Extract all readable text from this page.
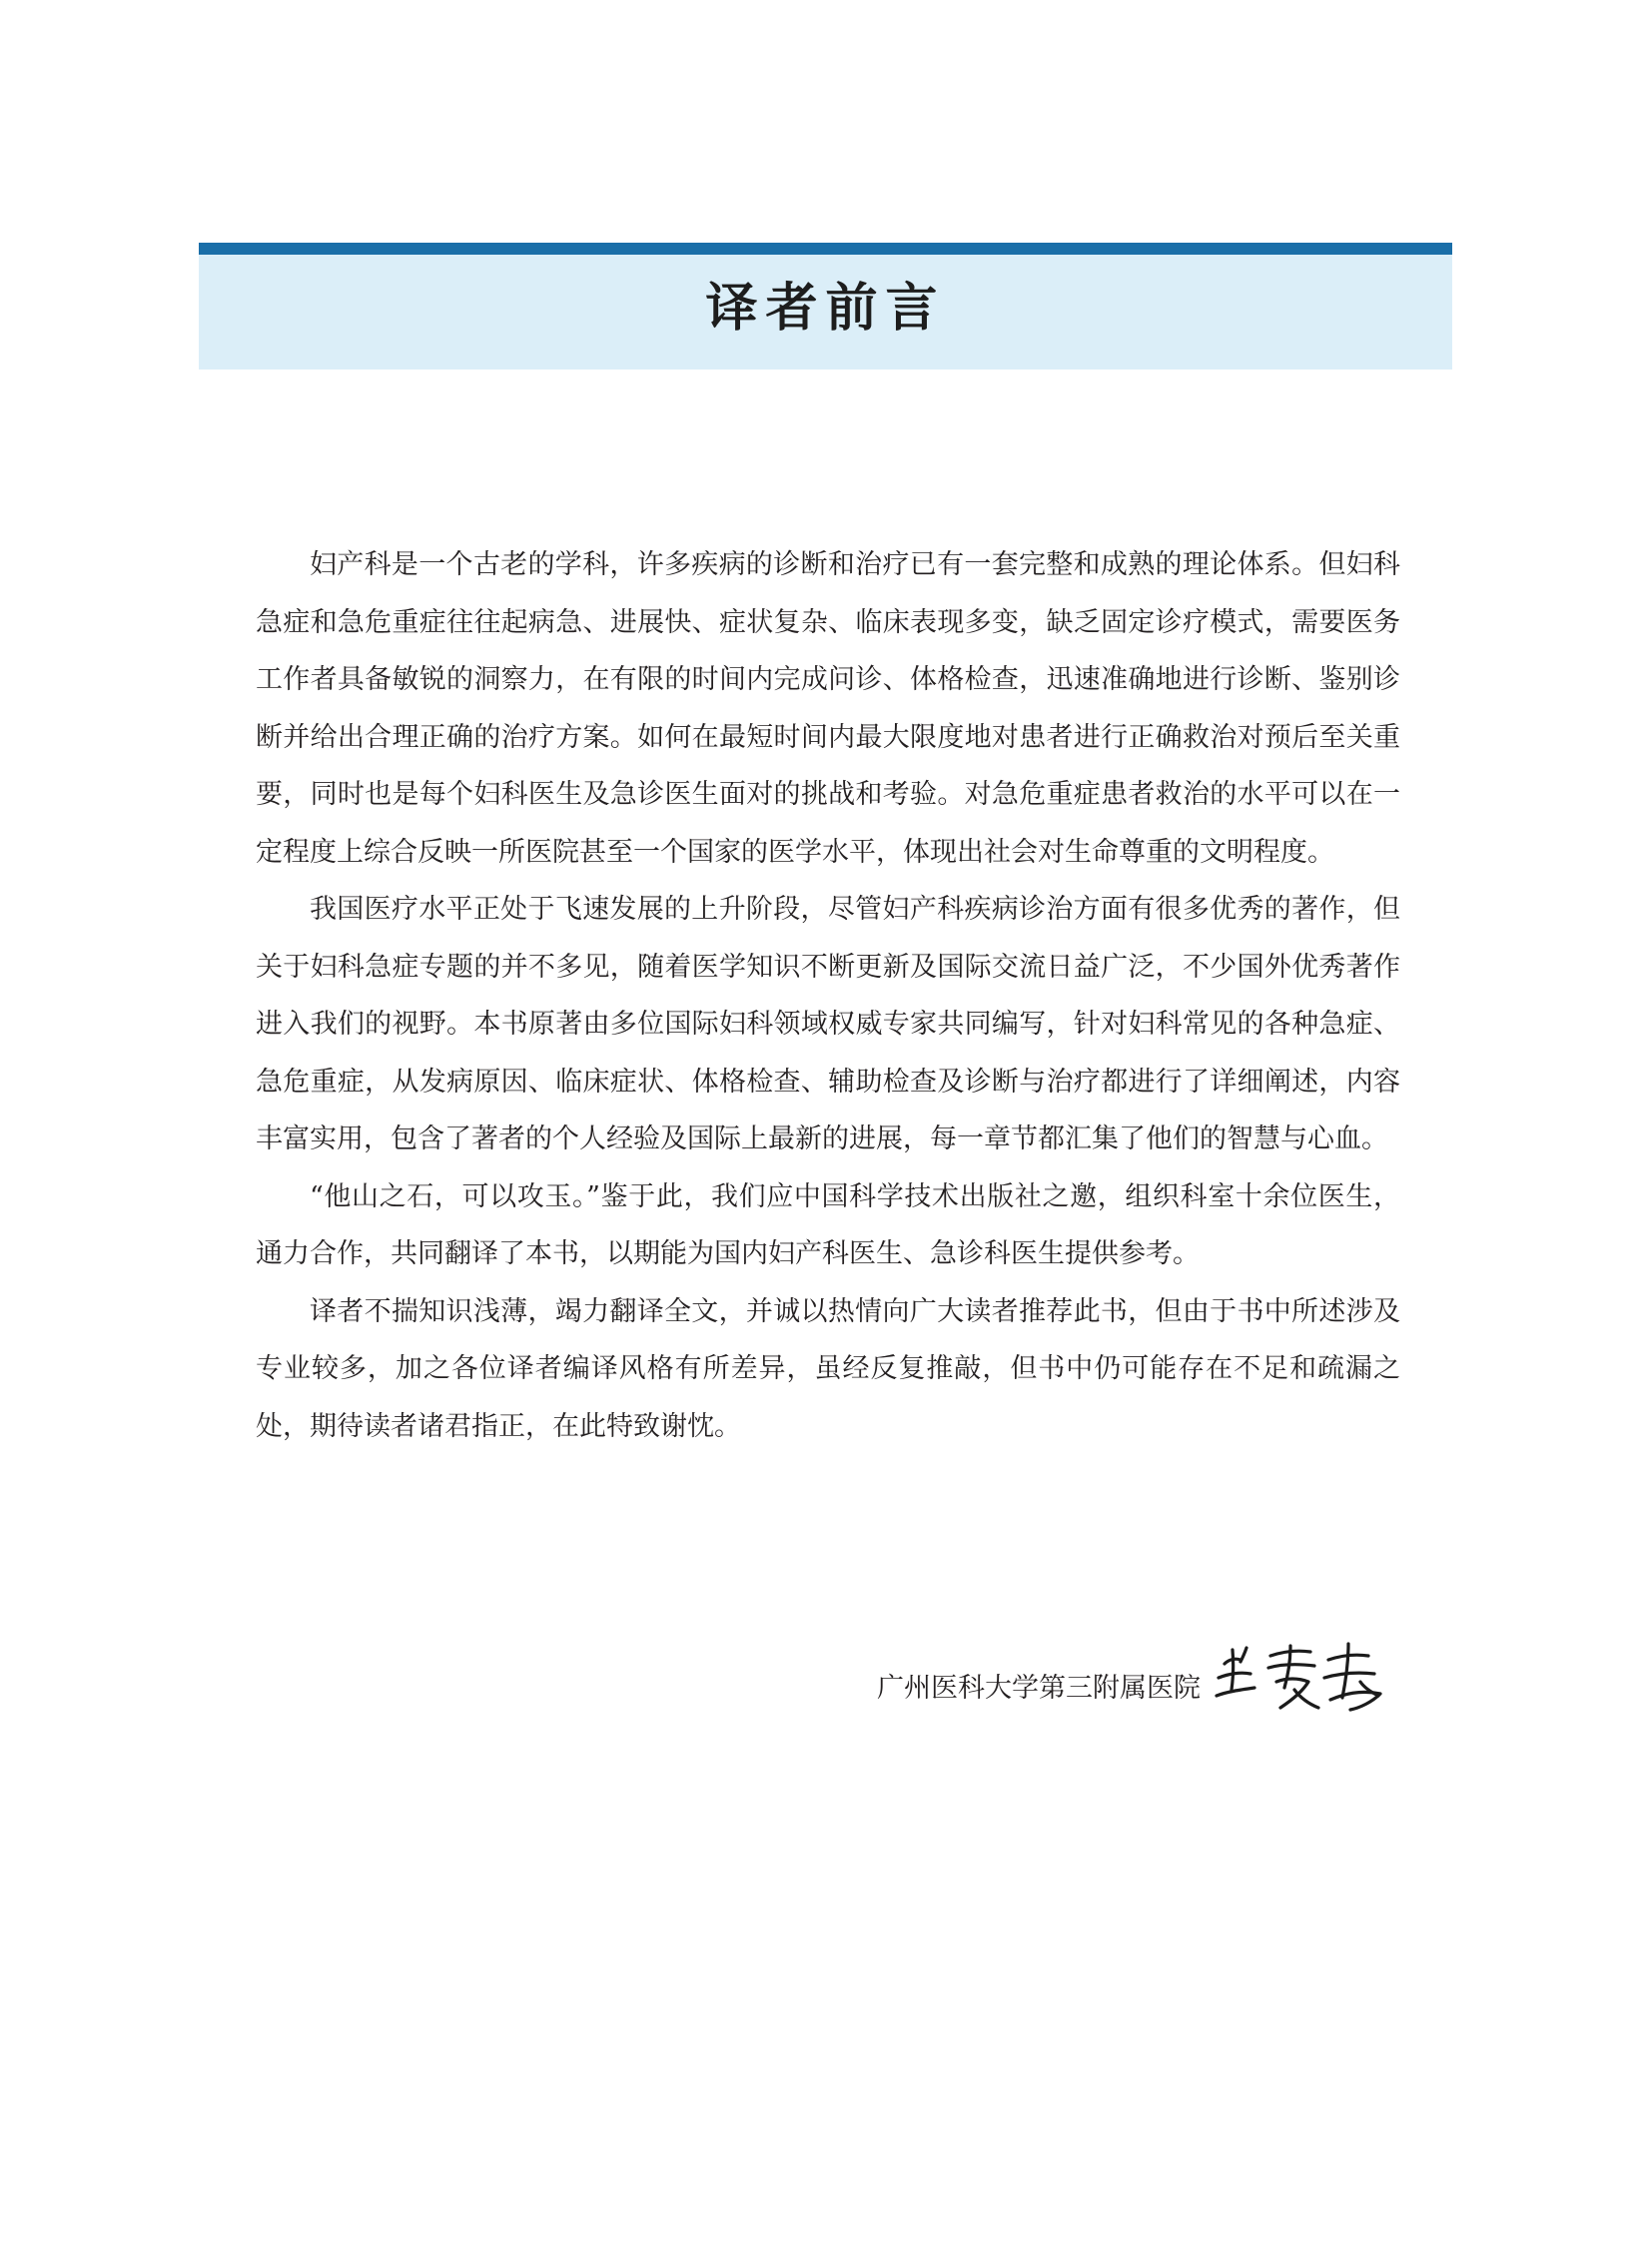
译者前言

妇产科是一个古老的学科，许多疾病的诊断和治疗已有一套完整和成熟的理论体系。但妇科急症和急危重症往往起病急、进展快、症状复杂、临床表现多变，缺乏固定诊疗模式，需要医务工作者具备敏锐的洞察力，在有限的时间内完成问诊、体格检查，迅速准确地进行诊断、鉴别诊断并给出合理正确的治疗方案。如何在最短时间内最大限度地对患者进行正确救治对预后至关重要，同时也是每个妇科医生及急诊医生面对的挑战和考验。对急危重症患者救治的水平可以在一定程度上综合反映一所医院甚至一个国家的医学水平，体现出社会对生命尊重的文明程度。

我国医疗水平正处于飞速发展的上升阶段，尽管妇产科疾病诊治方面有很多优秀的著作，但关于妇科急症专题的并不多见，随着医学知识不断更新及国际交流日益广泛，不少国外优秀著作进入我们的视野。本书原著由多位国际妇科领域权威专家共同编写，针对妇科常见的各种急症、急危重症，从发病原因、临床症状、体格检查、辅助检查及诊断与治疗都进行了详细阐述，内容丰富实用，包含了著者的个人经验及国际上最新的进展，每一章节都汇集了他们的智慧与心血。

“他山之石，可以攻玉。”鉴于此，我们应中国科学技术出版社之邀，组织科室十余位医生，通力合作，共同翻译了本书，以期能为国内妇产科医生、急诊科医生提供参考。

译者不揣知识浅薄，竭力翻译全文，并诚以热情向广大读者推荐此书，但由于书中所述涉及专业较多，加之各位译者编译风格有所差异，虽经反复推敲，但书中仍可能存在不足和疏漏之处，期待读者诸君指正，在此特致谢忱。

广州医科大学第三附属医院
